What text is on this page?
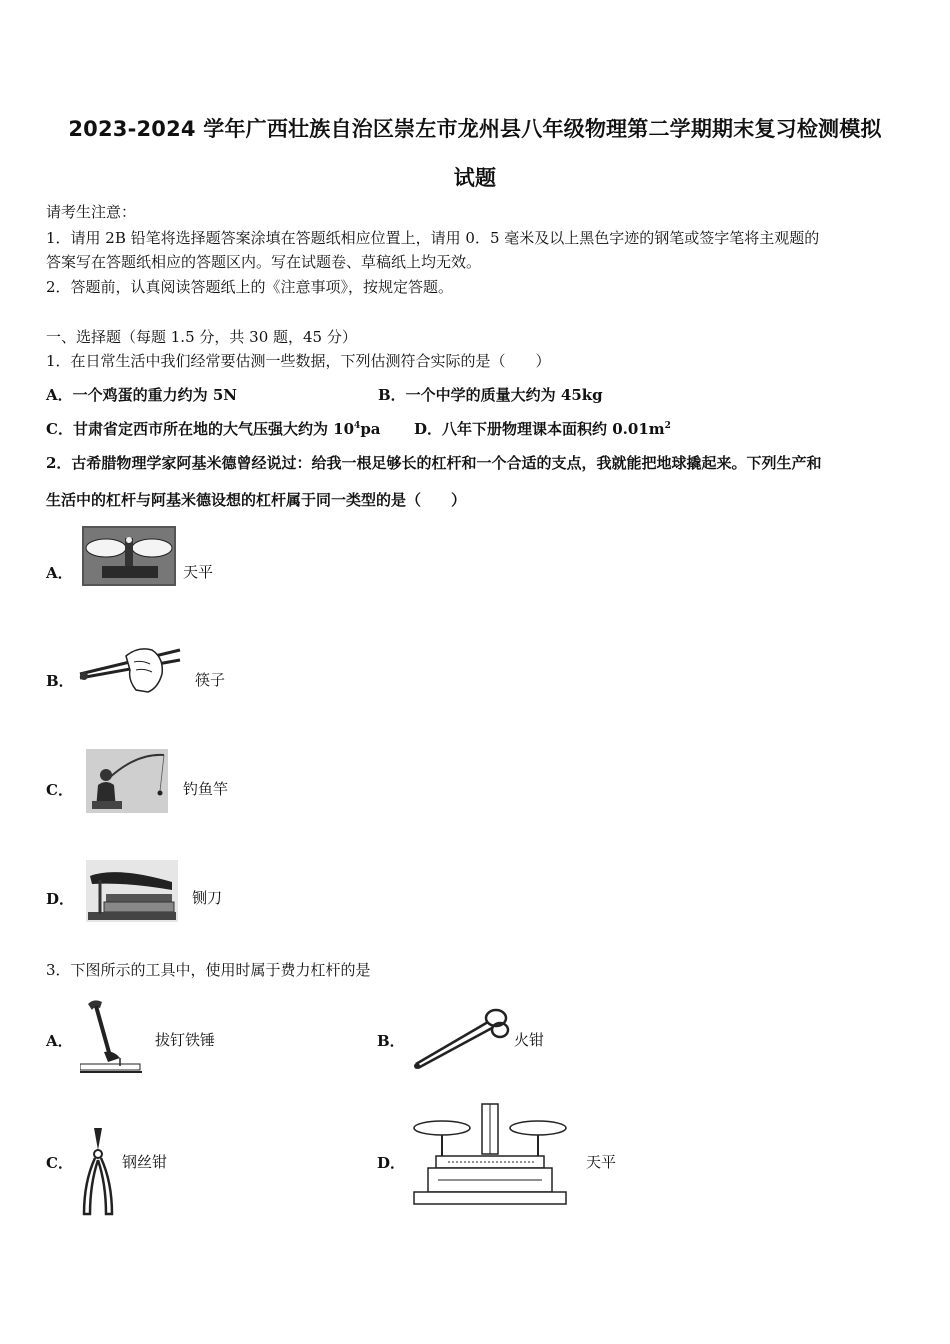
2023-2024 学年广西壮族自治区崇左市龙州县八年级物理第二学期期末复习检测模拟
试题
请考生注意：
1．请用 2B 铅笔将选择题答案涂填在答题纸相应位置上，请用 0．5 毫米及以上黑色字迹的钢笔或签字笔将主观题的
答案写在答题纸相应的答题区内。写在试题卷、草稿纸上均无效。
2．答题前，认真阅读答题纸上的《注意事项》，按规定答题。
一、选择题（每题 1.5 分，共 30 题，45 分）
1．在日常生活中我们经常要估测一些数据，下列估测符合实际的是（　　）
A．一个鸡蛋的重力约为 5N	B．一个中学的质量大约为 45kg
C．甘肃省定西市所在地的大气压强大约为 $10^4pa$ D．八年下册物理课本面积约 $0.01m^2$
2．古希腊物理学家阿基米德曾经说过：给我一根足够长的杠杆和一个合适的支点，我就能把地球撬起来。下列生产和
生活中的杠杆与阿基米德设想的杠杆属于同一类型的是（　　）
A．	天平
B．	筷子
C．	钓鱼竿
D．	铡刀
3．下图所示的工具中，使用时属于费力杠杆的是
A．	拔钉铁锤	B．	火钳
C．	钢丝钳	D．	天平
